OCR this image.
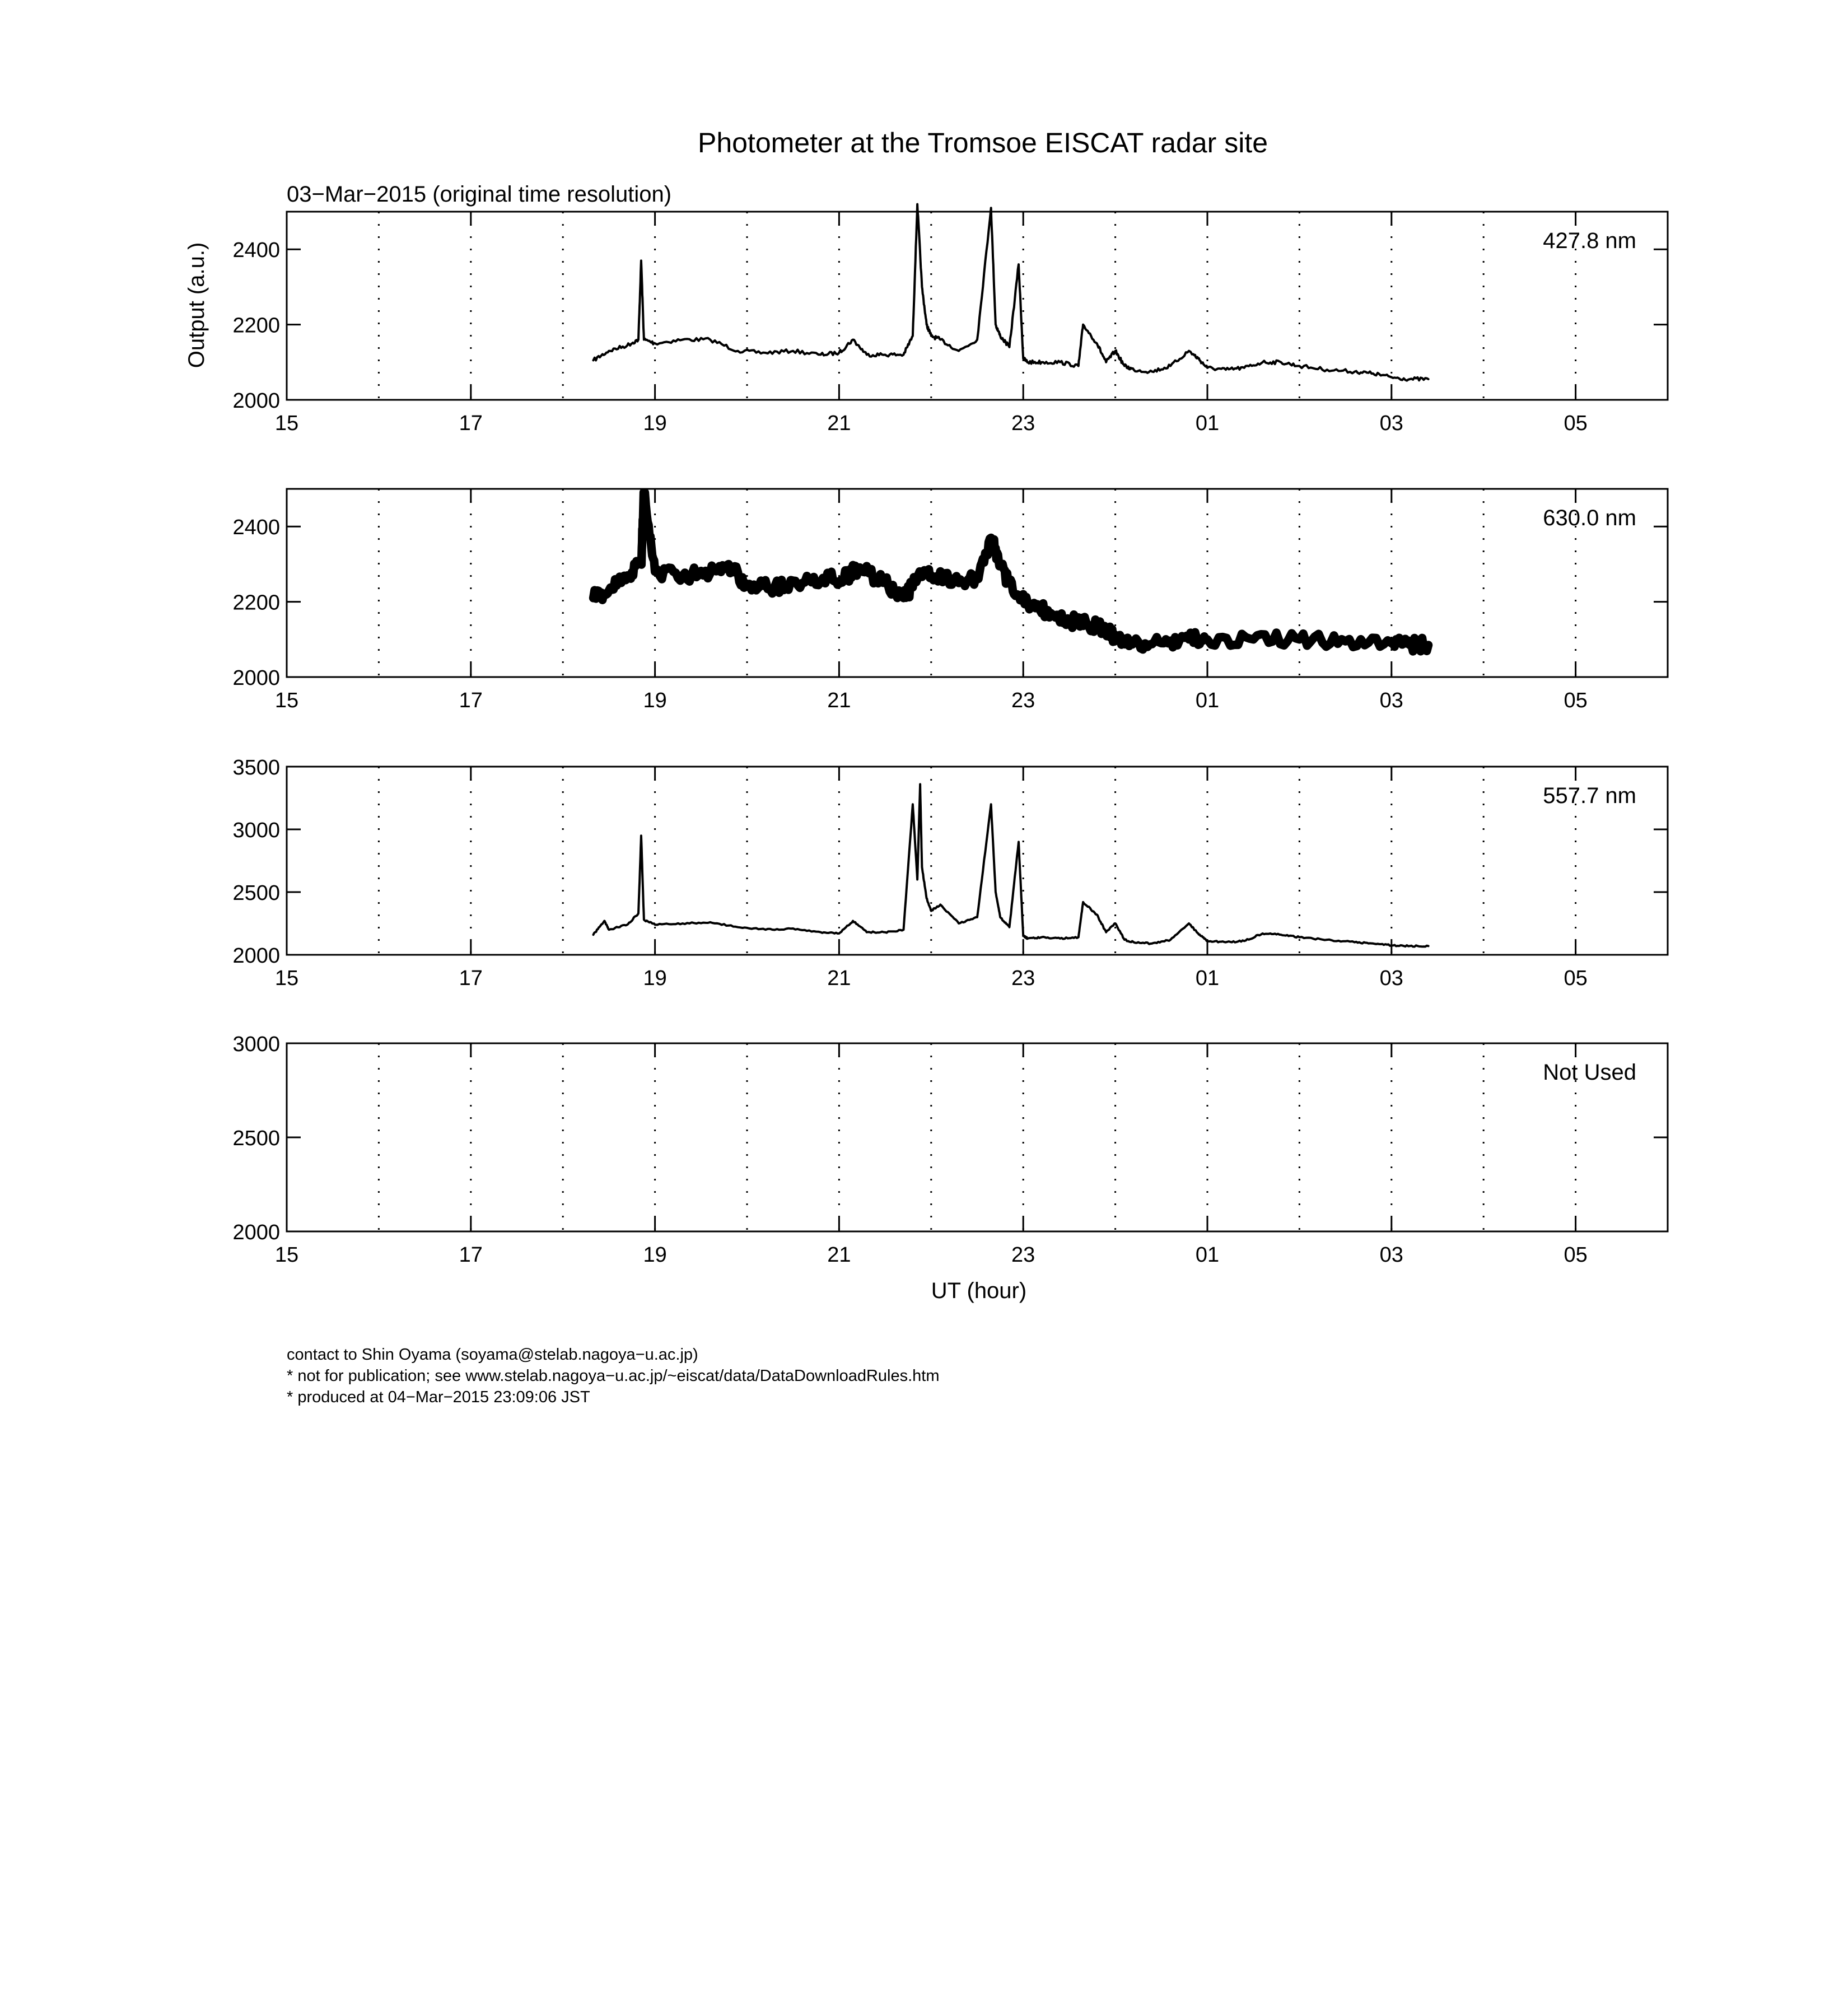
Photometer at the Tromsoe EISCAT radar site
03−Mar−2015 (original time resolution)
Output (a.u.)
UT (hour)
2000
2200
2400
15	17	19	21	23	01	03	05
427.8 nm
2000
2200
2400
15	17	19	21	23	01	03	05
630.0 nm
2000
2500
3000
3500
15	17	19	21	23	01	03	05
557.7 nm
2000
2500
3000
15	17	19	21	23	01	03	05
Not Used
contact to Shin Oyama (soyama@stelab.nagoya−u.ac.jp)
* not for publication; see www.stelab.nagoya−u.ac.jp/~eiscat/data/DataDownloadRules.htm
* produced at 04−Mar−2015 23:09:06 JST
